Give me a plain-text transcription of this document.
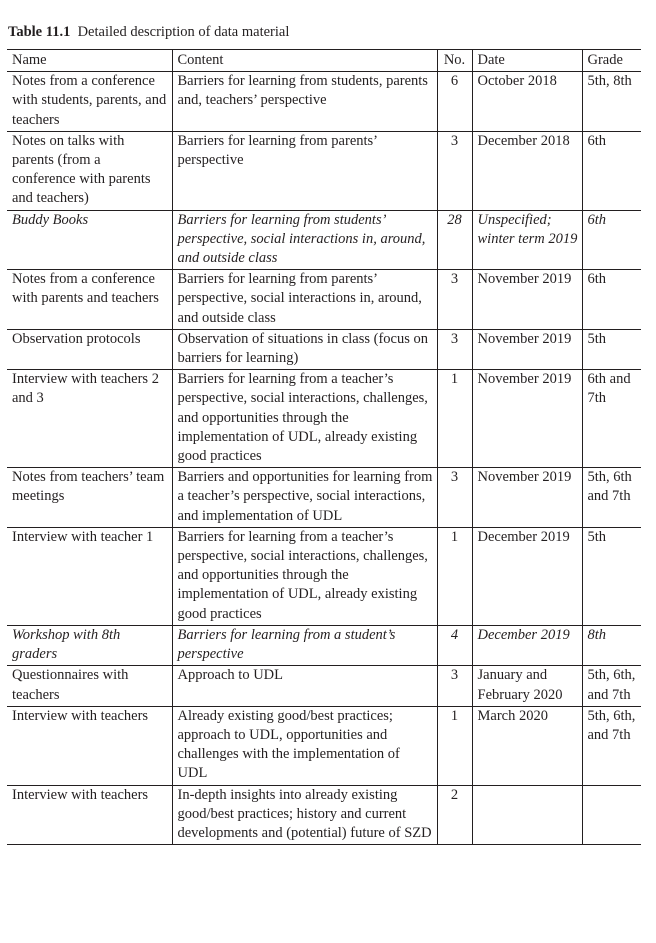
Table 11.1 Detailed description of data material
Name	Content	No.	Date	Grade
Notes from a conference with students, parents, and teachers	Barriers for learning from students, parents and, teachers’ perspective	6	October 2018	5th, 8th
Notes on talks with parents (from a conference with parents and teachers)	Barriers for learning from parents’ perspective	3	December 2018	6th
Buddy Books	Barriers for learning from students’ perspective, social interactions in, around, and outside class	28	Unspecified; winter term 2019	6th
Notes from a conference with parents and teachers	Barriers for learning from parents’ perspective, social interactions in, around, and outside class	3	November 2019	6th
Observation protocols	Observation of situations in class (focus on barriers for learning)	3	November 2019	5th
Interview with teachers 2 and 3	Barriers for learning from a teacher’s perspective, social interactions, challenges, and opportunities through the implementation of UDL, already existing good practices	1	November 2019	6th and 7th
Notes from teachers’ team meetings	Barriers and opportunities for learning from a teacher’s perspective, social interactions, and implementation of UDL	3	November 2019	5th, 6th and 7th
Interview with teacher 1	Barriers for learning from a teacher’s perspective, social interactions, challenges, and opportunities through the implementation of UDL, already existing good practices	1	December 2019	5th
Workshop with 8th graders	Barriers for learning from a student’s perspective	4	December 2019	8th
Questionnaires with teachers	Approach to UDL	3	January and February 2020	5th, 6th, and 7th
Interview with teachers	Already existing good/best practices; approach to UDL, opportunities and challenges with the implementation of UDL	1	March 2020	5th, 6th, and 7th
Interview with teachers	In-depth insights into already existing good/best practices; history and current developments and (potential) future of SZD	2		
